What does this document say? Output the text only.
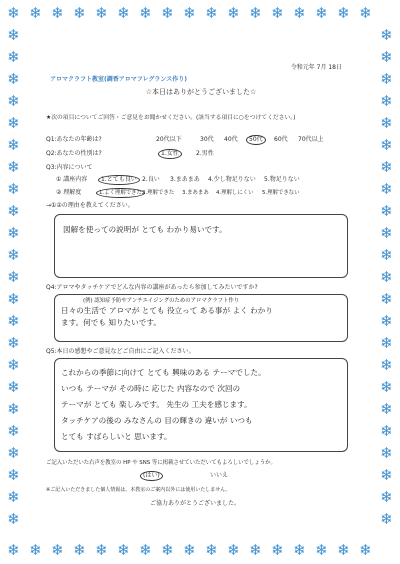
❄
❄
❄
❄
❄
❄
❄
❄
❄
❄
❄
❄
❄
❄
❄
❄
❄
❄
❄
❄
❄
❄
❄
❄
❄
❄
❄
❄
❄
❄
❄
❄
❄
❄
❄	❄
❄	❄
❄	❄
❄	❄
❄	❄
❄	❄
❄	❄
❄	❄
❄	❄
❄	❄
❄	❄
❄	❄
❄	❄
❄	❄
❄	❄
❄	❄
❄	❄
❄	❄
❄	❄
❄	❄
❄	❄
❄	❄
❄	❄
令和元年 7月 18日
アロマクラフト教室(調香アロマフレグランス作り)
☆本日はありがとうございました☆
★次の項目についてご回答・ご意見をお聞かせください。(該当する項目に○をつけてください。)
Q1:あなたの年齢は?	20代以下	30代 40代	50代	60代 70代以上
Q2:あなたの性別は?	1.女性	2.男性
Q3:内容について
① 講座内容	1.とても良い 2.良い 3.まあまあ 4.少し物足りない 5.物足りない
② 理解度	1.よく理解できた 2.理解できた 3.まあまあ 4.理解しにくい 5.理解できない
→①②の理由を教えてください。
図解を使っての説明が とても わかり易いです。
Q4:アロマやタッチケアでどんな内容の講座があったら参加してみたいですか?
(例) 認知症予防やアンチエイジングのためのアロマクラフト作り
日々の生活で アロマが とても 役立って ある事が よく わかり
ます。何でも 知りたいです。
Q5:本日の感想やご意見などご自由にご記入ください。
これからの季節に向けて とても 興味のある テーマでした。
いつも テーマが その時に 応じた 内容なので 次回の
テーマが とても 楽しみです。 先生の 工夫を感じます。
タッチケアの後の みなさんの 目の輝きの 違いが いつも
とても すばらしいと 思います。
ご記入いただいた右声を教室の HP や SNS 等に掲載させていただいてもよろしいでしょうか。
(はい)	いいえ
※ご記入いただきました個人情報は、本教室のご案内以外には使用いたしません。
ご協力ありがとうございました。
